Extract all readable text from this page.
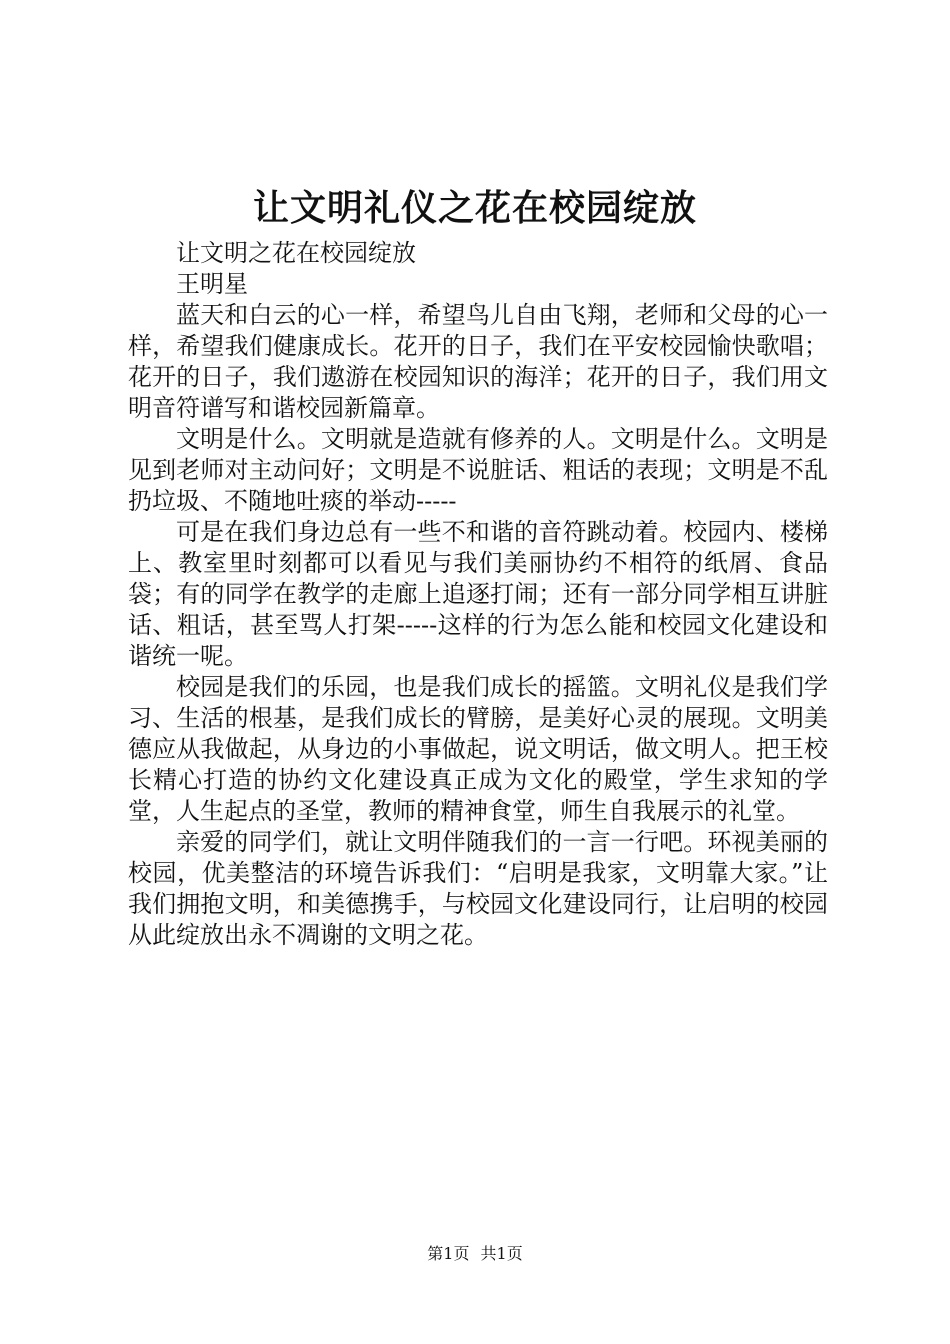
让文明礼仪之花在校园绽放

让文明之花在校园绽放

王明星

蓝天和白云的心一样，希望鸟儿自由飞翔，老师和父母的心一样，希望我们健康成长。花开的日子，我们在平安校园愉快歌唱；花开的日子，我们遨游在校园知识的海洋；花开的日子，我们用文明音符谱写和谐校园新篇章。

文明是什么。文明就是造就有修养的人。文明是什么。文明是见到老师对主动问好；文明是不说脏话、粗话的表现；文明是不乱扔垃圾、不随地吐痰的举动-----

可是在我们身边总有一些不和谐的音符跳动着。校园内、楼梯上、教室里时刻都可以看见与我们美丽协约不相符的纸屑、食品袋；有的同学在教学的走廊上追逐打闹；还有一部分同学相互讲脏话、粗话，甚至骂人打架-----这样的行为怎么能和校园文化建设和谐统一呢。

校园是我们的乐园，也是我们成长的摇篮。文明礼仪是我们学习、生活的根基，是我们成长的臂膀，是美好心灵的展现。文明美德应从我做起，从身边的小事做起，说文明话，做文明人。把王校长精心打造的协约文化建设真正成为文化的殿堂，学生求知的学堂，人生起点的圣堂，教师的精神食堂，师生自我展示的礼堂。

亲爱的同学们，就让文明伴随我们的一言一行吧。环视美丽的校园，优美整洁的环境告诉我们：“启明是我家，文明靠大家。”让我们拥抱文明，和美德携手，与校园文化建设同行，让启明的校园从此绽放出永不凋谢的文明之花。

第1页 共1页
